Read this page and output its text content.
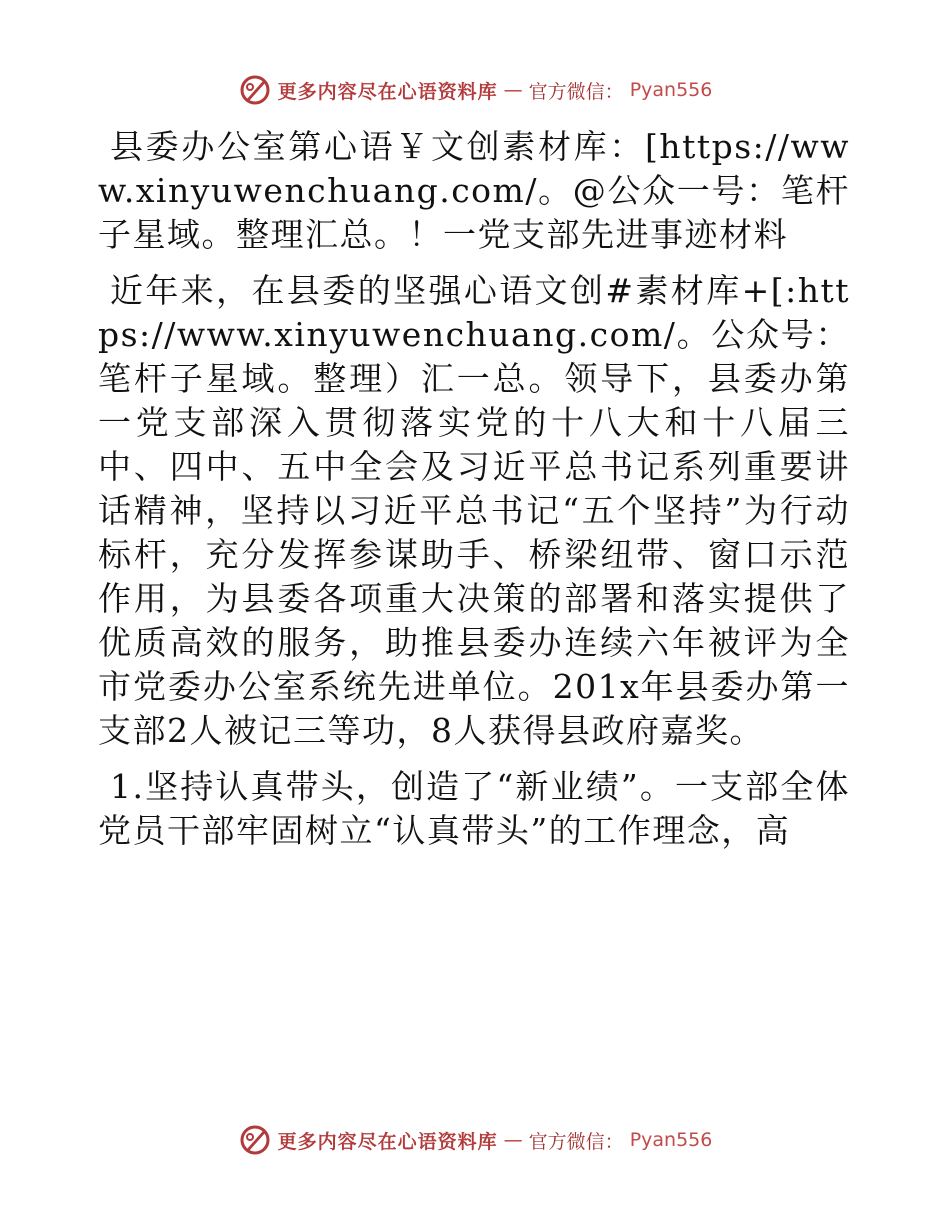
更多内容尽在心语资料库 — 官方微信： Pyan556

县委办公室第心语￥文创素材库：[https://www.xinyuwenchuang.com/。@公众一号：笔杆子星域。整理汇总。！一党支部先进事迹材料

近年来，在县委的坚强心语文创#素材库+[:https://www.xinyuwenchuang.com/。公众号：笔杆子星域。整理）汇一总。领导下，县委办第一党支部深入贯彻落实党的十八大和十八届三中、四中、五中全会及习近平总书记系列重要讲话精神，坚持以习近平总书记“五个坚持”为行动标杆，充分发挥参谋助手、桥梁纽带、窗口示范作用，为县委各项重大决策的部署和落实提供了优质高效的服务，助推县委办连续六年被评为全市党委办公室系统先进单位。201x年县委办第一支部2人被记三等功，8人获得县政府嘉奖。

1.坚持认真带头，创造了“新业绩”。一支部全体党员干部牢固树立“认真带头”的工作理念，高

更多内容尽在心语资料库 — 官方微信： Pyan556
